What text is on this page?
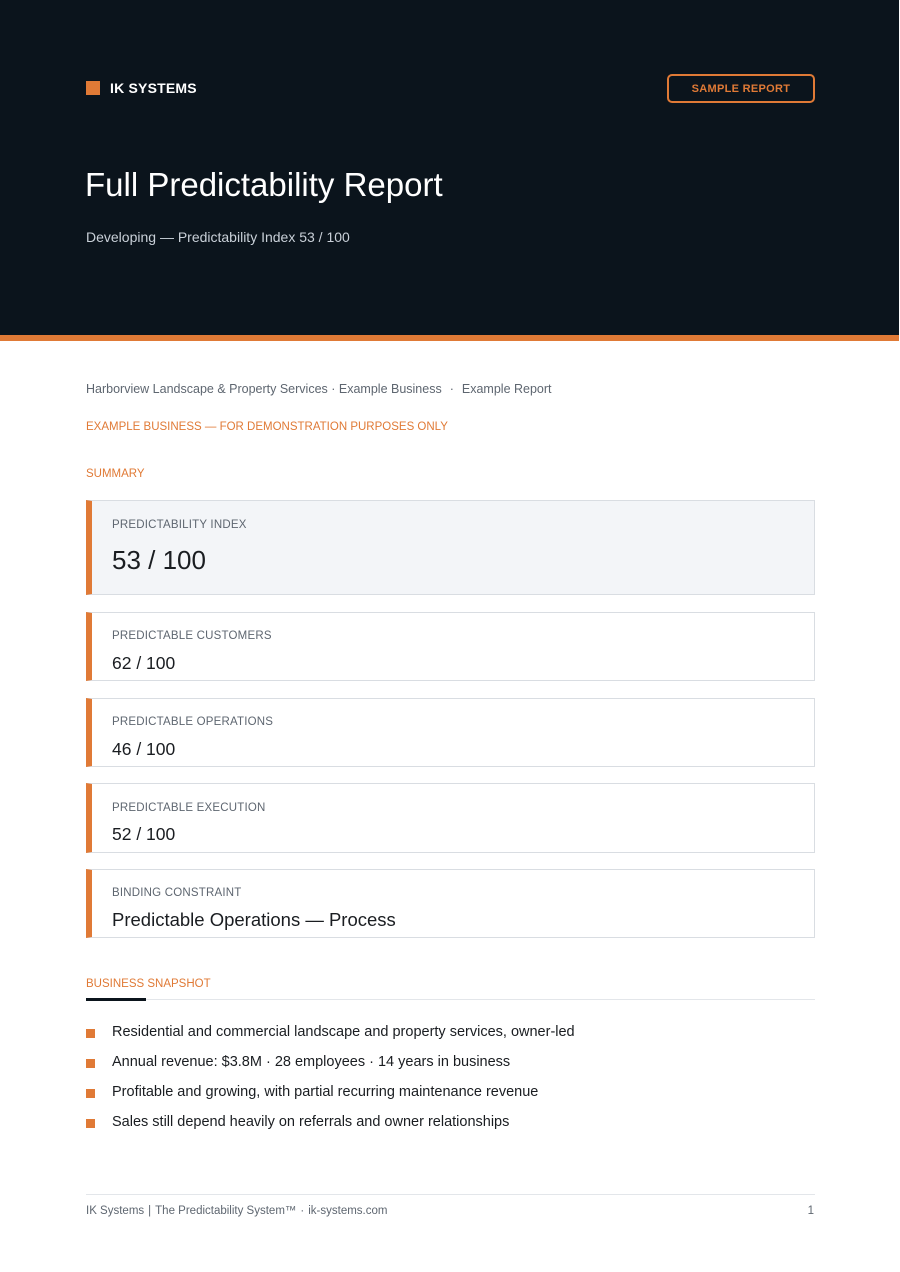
IK SYSTEMS	SAMPLE REPORT
Full Predictability Report
Developing — Predictability Index 53 / 100
Harborview Landscape & Property Services · Example Business · Example Report
EXAMPLE BUSINESS — FOR DEMONSTRATION PURPOSES ONLY
SUMMARY
PREDICTABILITY INDEX
53 / 100
PREDICTABLE CUSTOMERS
62 / 100
PREDICTABLE OPERATIONS
46 / 100
PREDICTABLE EXECUTION
52 / 100
BINDING CONSTRAINT
Predictable Operations — Process
BUSINESS SNAPSHOT
Residential and commercial landscape and property services, owner-led
Annual revenue: $3.8M · 28 employees · 14 years in business
Profitable and growing, with partial recurring maintenance revenue
Sales still depend heavily on referrals and owner relationships
IK Systems | The Predictability System™ · ik-systems.com	1
